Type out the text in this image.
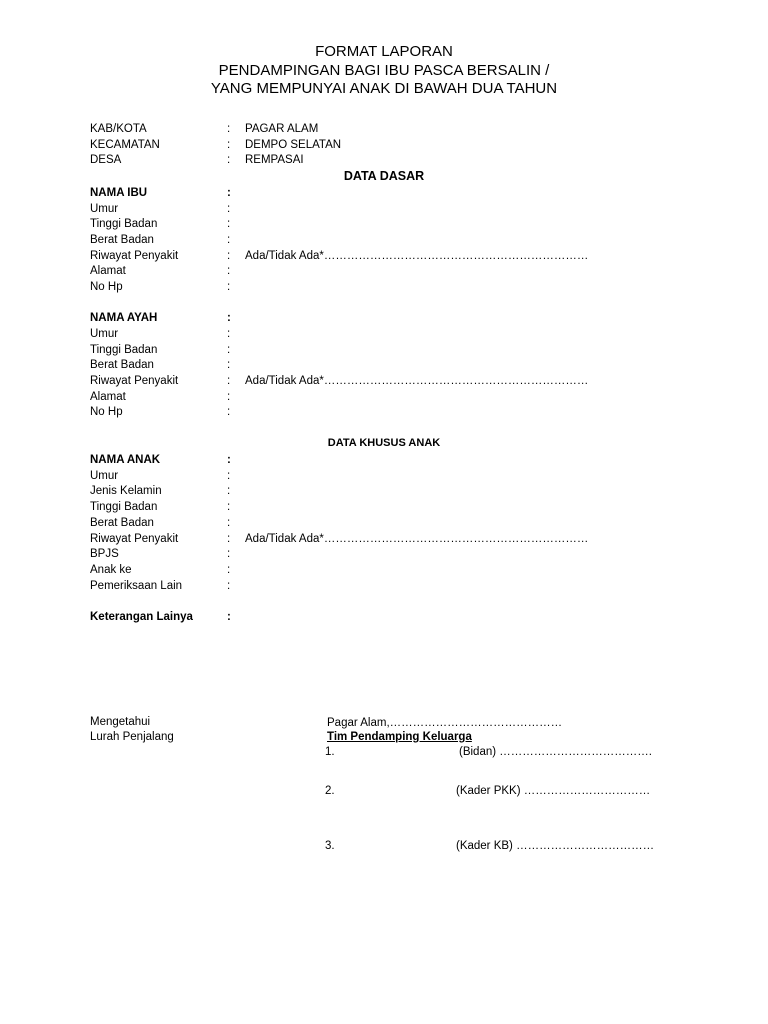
FORMAT LAPORAN
PENDAMPINGAN BAGI IBU PASCA BERSALIN /
YANG MEMPUNYAI ANAK DI BAWAH DUA TAHUN
KAB/KOTA	: PAGAR ALAM
KECAMATAN	: DEMPO SELATAN
DESA	: REMPASAI
DATA DASAR
NAMA IBU	:
Umur	:
Tinggi Badan	:
Berat Badan	:
Riwayat Penyakit	: Ada/Tidak Ada*……………………………………………………………
Alamat	:
No Hp	:
NAMA AYAH	:
Umur	:
Tinggi Badan	:
Berat Badan	:
Riwayat Penyakit	: Ada/Tidak Ada*……………………………………………………………
Alamat	:
No Hp	:
DATA KHUSUS ANAK
NAMA ANAK	:
Umur	:
Jenis Kelamin	:
Tinggi Badan	:
Berat Badan	:
Riwayat Penyakit	: Ada/Tidak Ada*……………………………………………………………
BPJS	:
Anak ke	:
Pemeriksaan Lain	:
Keterangan Lainya	:
Mengetahui
Lurah Penjalang
Pagar Alam,………………………………………
Tim Pendamping Keluarga
1.	(Bidan) ………………………………….
2.	(Kader PKK) ……………………………
3.	(Kader KB) ………………………………
